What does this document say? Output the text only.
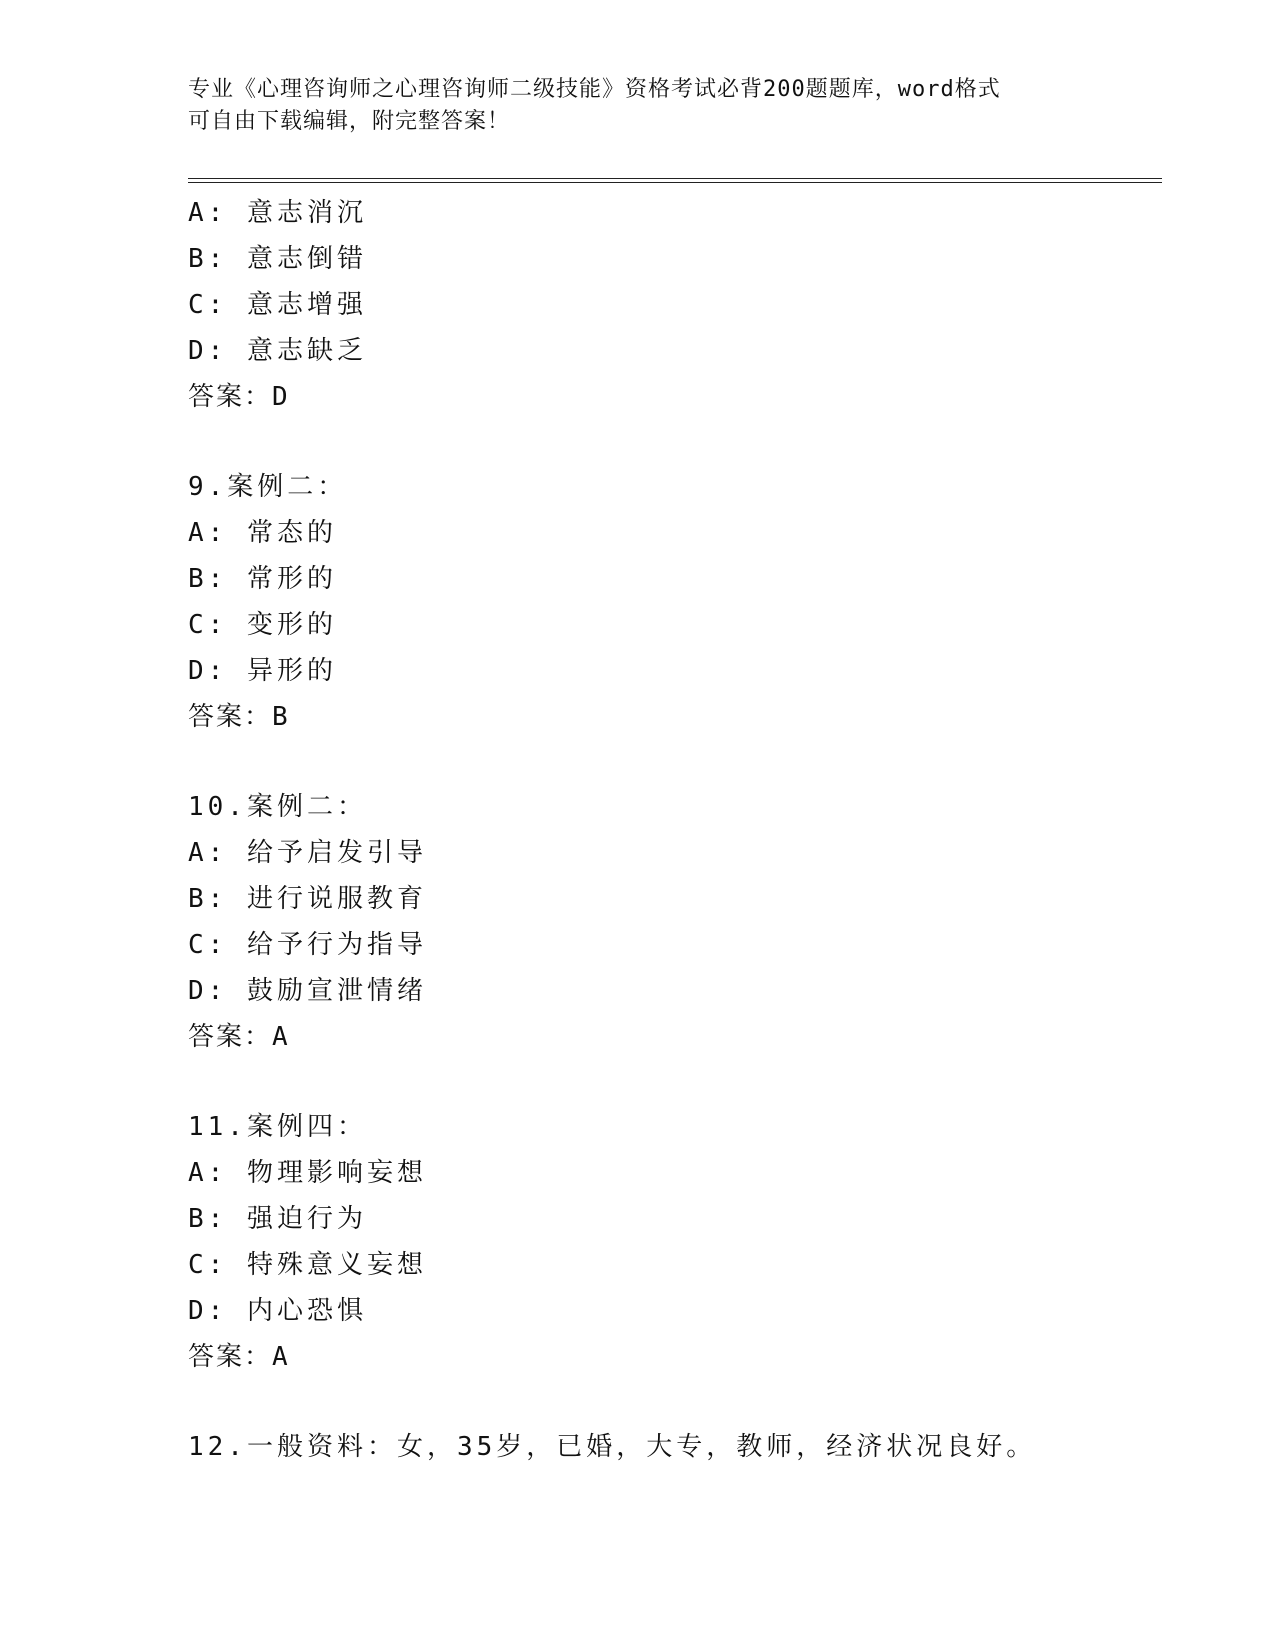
专业《心理咨询师之心理咨询师二级技能》资格考试必背200题题库，word格式
可自由下载编辑，附完整答案！
A: 意志消沉
B: 意志倒错
C: 意志增强
D: 意志缺乏
答案：D
9.案例二：
A: 常态的
B: 常形的
C: 变形的
D: 异形的
答案：B
10.案例二：
A: 给予启发引导
B: 进行说服教育
C: 给予行为指导
D: 鼓励宣泄情绪
答案：A
11.案例四：
A: 物理影响妄想
B: 强迫行为
C: 特殊意义妄想
D: 内心恐惧
答案：A
12.一般资料：女，35岁，已婚，大专，教师，经济状况良好。
